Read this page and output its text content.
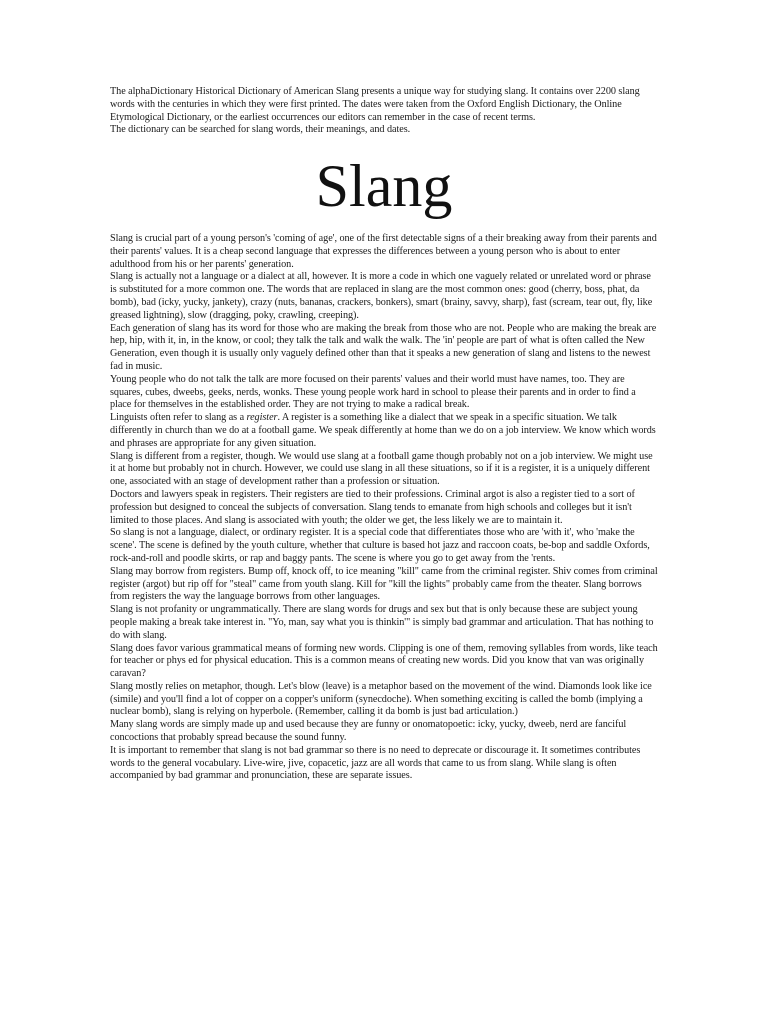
The alphaDictionary Historical Dictionary of American Slang presents a unique way for studying slang. It contains over 2200 slang words with the centuries in which they were first printed. The dates were taken from the Oxford English Dictionary, the Online Etymological Dictionary, or the earliest occurrences our editors can remember in the case of recent terms.

The dictionary can be searched for slang words, their meanings, and dates.

Slang

Slang is crucial part of a young person's 'coming of age', one of the first detectable signs of a their breaking away from their parents and their parents' values. It is a cheap second language that expresses the differences between a young person who is about to enter adulthood from his or her parents' generation.

Slang is actually not a language or a dialect at all, however. It is more a code in which one vaguely related or unrelated word or phrase is substituted for a more common one. The words that are replaced in slang are the most common ones: good (cherry, boss, phat, da bomb), bad (icky, yucky, jankety), crazy (nuts, bananas, crackers, bonkers), smart (brainy, savvy, sharp), fast (scream, tear out, fly, like greased lightning), slow (dragging, poky, crawling, creeping).

Each generation of slang has its word for those who are making the break from those who are not. People who are making the break are hep, hip, with it, in, in the know, or cool; they talk the talk and walk the walk. The 'in' people are part of what is often called the New Generation, even though it is usually only vaguely defined other than that it speaks a new generation of slang and listens to the newest fad in music.

Young people who do not talk the talk are more focused on their parents' values and their world must have names, too. They are squares, cubes, dweebs, geeks, nerds, wonks. These young people work hard in school to please their parents and in order to find a place for themselves in the established order. They are not trying to make a radical break.

Linguists often refer to slang as a register. A register is a something like a dialect that we speak in a specific situation. We talk differently in church than we do at a football game. We speak differently at home than we do on a job interview. We know which words and phrases are appropriate for any given situation.

Slang is different from a register, though. We would use slang at a football game though probably not on a job interview. We might use it at home but probably not in church. However, we could use slang in all these situations, so if it is a register, it is a uniquely different one, associated with an stage of development rather than a profession or situation.

Doctors and lawyers speak in registers. Their registers are tied to their professions. Criminal argot is also a register tied to a sort of profession but designed to conceal the subjects of conversation. Slang tends to emanate from high schools and colleges but it isn't limited to those places. And slang is associated with youth; the older we get, the less likely we are to maintain it.

So slang is not a language, dialect, or ordinary register. It is a special code that differentiates those who are 'with it', who 'make the scene'. The scene is defined by the youth culture, whether that culture is based hot jazz and raccoon coats, be-bop and saddle Oxfords, rock-and-roll and poodle skirts, or rap and baggy pants. The scene is where you go to get away from the 'rents.

Slang may borrow from registers. Bump off, knock off, to ice meaning "kill" came from the criminal register. Shiv comes from criminal register (argot) but rip off for "steal" came from youth slang. Kill for "kill the lights" probably came from the theater. Slang borrows from registers the way the language borrows from other languages.

Slang is not profanity or ungrammatically. There are slang words for drugs and sex but that is only because these are subject young people making a break take interest in. "Yo, man, say what you is thinkin'" is simply bad grammar and articulation. That has nothing to do with slang.

Slang does favor various grammatical means of forming new words. Clipping is one of them, removing syllables from words, like teach for teacher or phys ed for physical education. This is a common means of creating new words. Did you know that van was originally caravan?

Slang mostly relies on metaphor, though. Let's blow (leave) is a metaphor based on the movement of the wind. Diamonds look like ice (simile) and you'll find a lot of copper on a copper's uniform (synecdoche). When something exciting is called the bomb (implying a nuclear bomb), slang is relying on hyperbole. (Remember, calling it da bomb is just bad articulation.)

Many slang words are simply made up and used because they are funny or onomatopoetic: icky, yucky, dweeb, nerd are fanciful concoctions that probably spread because the sound funny.

It is important to remember that slang is not bad grammar so there is no need to deprecate or discourage it. It sometimes contributes words to the general vocabulary. Live-wire, jive, copacetic, jazz are all words that came to us from slang. While slang is often accompanied by bad grammar and pronunciation, these are separate issues.
